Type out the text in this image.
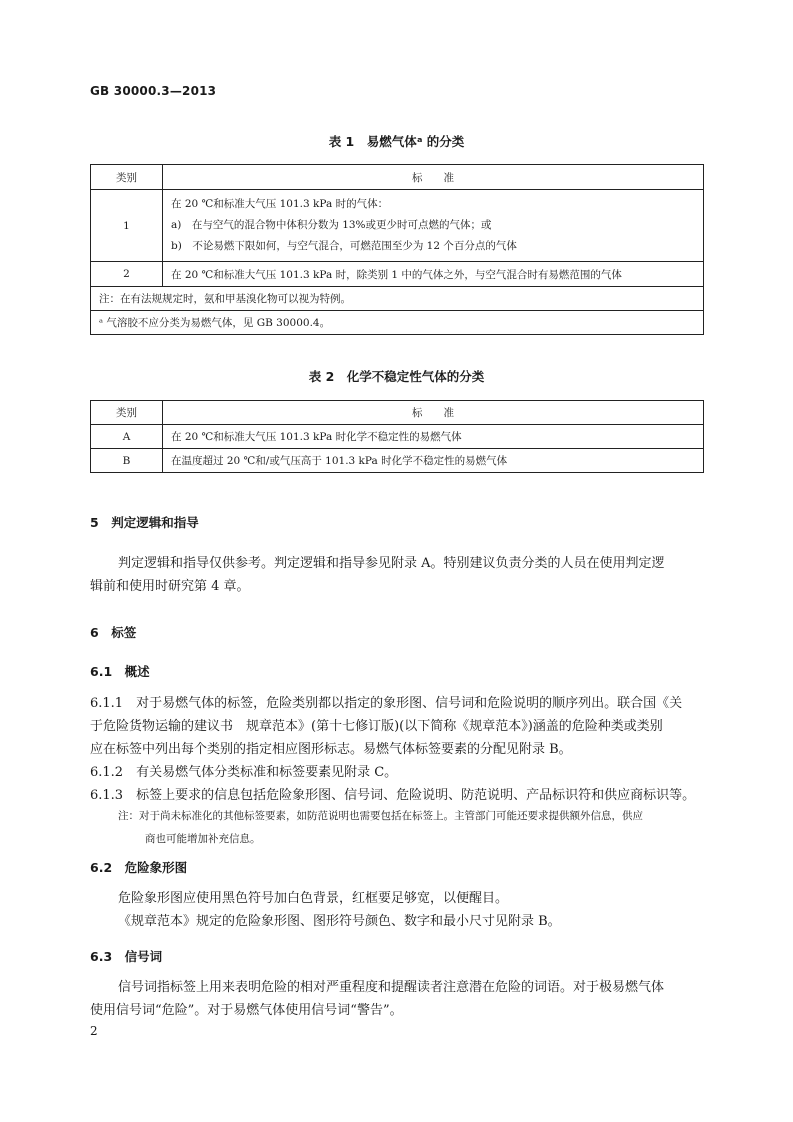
GB 30000.3—2013
表 1　易燃气体ᵃ 的分类
类别	标　　准
1	在 20 ℃和标准大气压 101.3 kPa 时的气体：
a)　在与空气的混合物中体积分数为 13%或更少时可点燃的气体；或
b)　不论易燃下限如何，与空气混合，可燃范围至少为 12 个百分点的气体

2	在 20 ℃和标准大气压 101.3 kPa 时，除类别 1 中的气体之外，与空气混合时有易燃范围的气体
注：在有法规规定时，氨和甲基溴化物可以视为特例。	
ᵃ 气溶胶不应分类为易燃气体，见 GB 30000.4。	
表 2　化学不稳定性气体的分类
类别	标　　准
A	在 20 ℃和标准大气压 101.3 kPa 时化学不稳定性的易燃气体
B	在温度超过 20 ℃和/或气压高于 101.3 kPa 时化学不稳定性的易燃气体
5　判定逻辑和指导
判定逻辑和指导仅供参考。判定逻辑和指导参见附录 A。特别建议负责分类的人员在使用判定逻
辑前和使用时研究第 4 章。
6　标签
6.1　概述
6.1.1　对于易燃气体的标签，危险类别都以指定的象形图、信号词和危险说明的顺序列出。联合国《关
于危险货物运输的建议书　规章范本》(第十七修订版)(以下简称《规章范本》)涵盖的危险种类或类别
应在标签中列出每个类别的指定相应图形标志。易燃气体标签要素的分配见附录 B。
6.1.2　有关易燃气体分类标准和标签要素见附录 C。
6.1.3　标签上要求的信息包括危险象形图、信号词、危险说明、防范说明、产品标识符和供应商标识等。
注：对于尚未标准化的其他标签要素，如防范说明也需要包括在标签上。主管部门可能还要求提供额外信息，供应
商也可能增加补充信息。
6.2　危险象形图
危险象形图应使用黑色符号加白色背景，红框要足够宽，以便醒目。
《规章范本》规定的危险象形图、图形符号颜色、数字和最小尺寸见附录 B。
6.3　信号词
信号词指标签上用来表明危险的相对严重程度和提醒读者注意潜在危险的词语。对于极易燃气体
使用信号词“危险”。对于易燃气体使用信号词“警告”。
2
